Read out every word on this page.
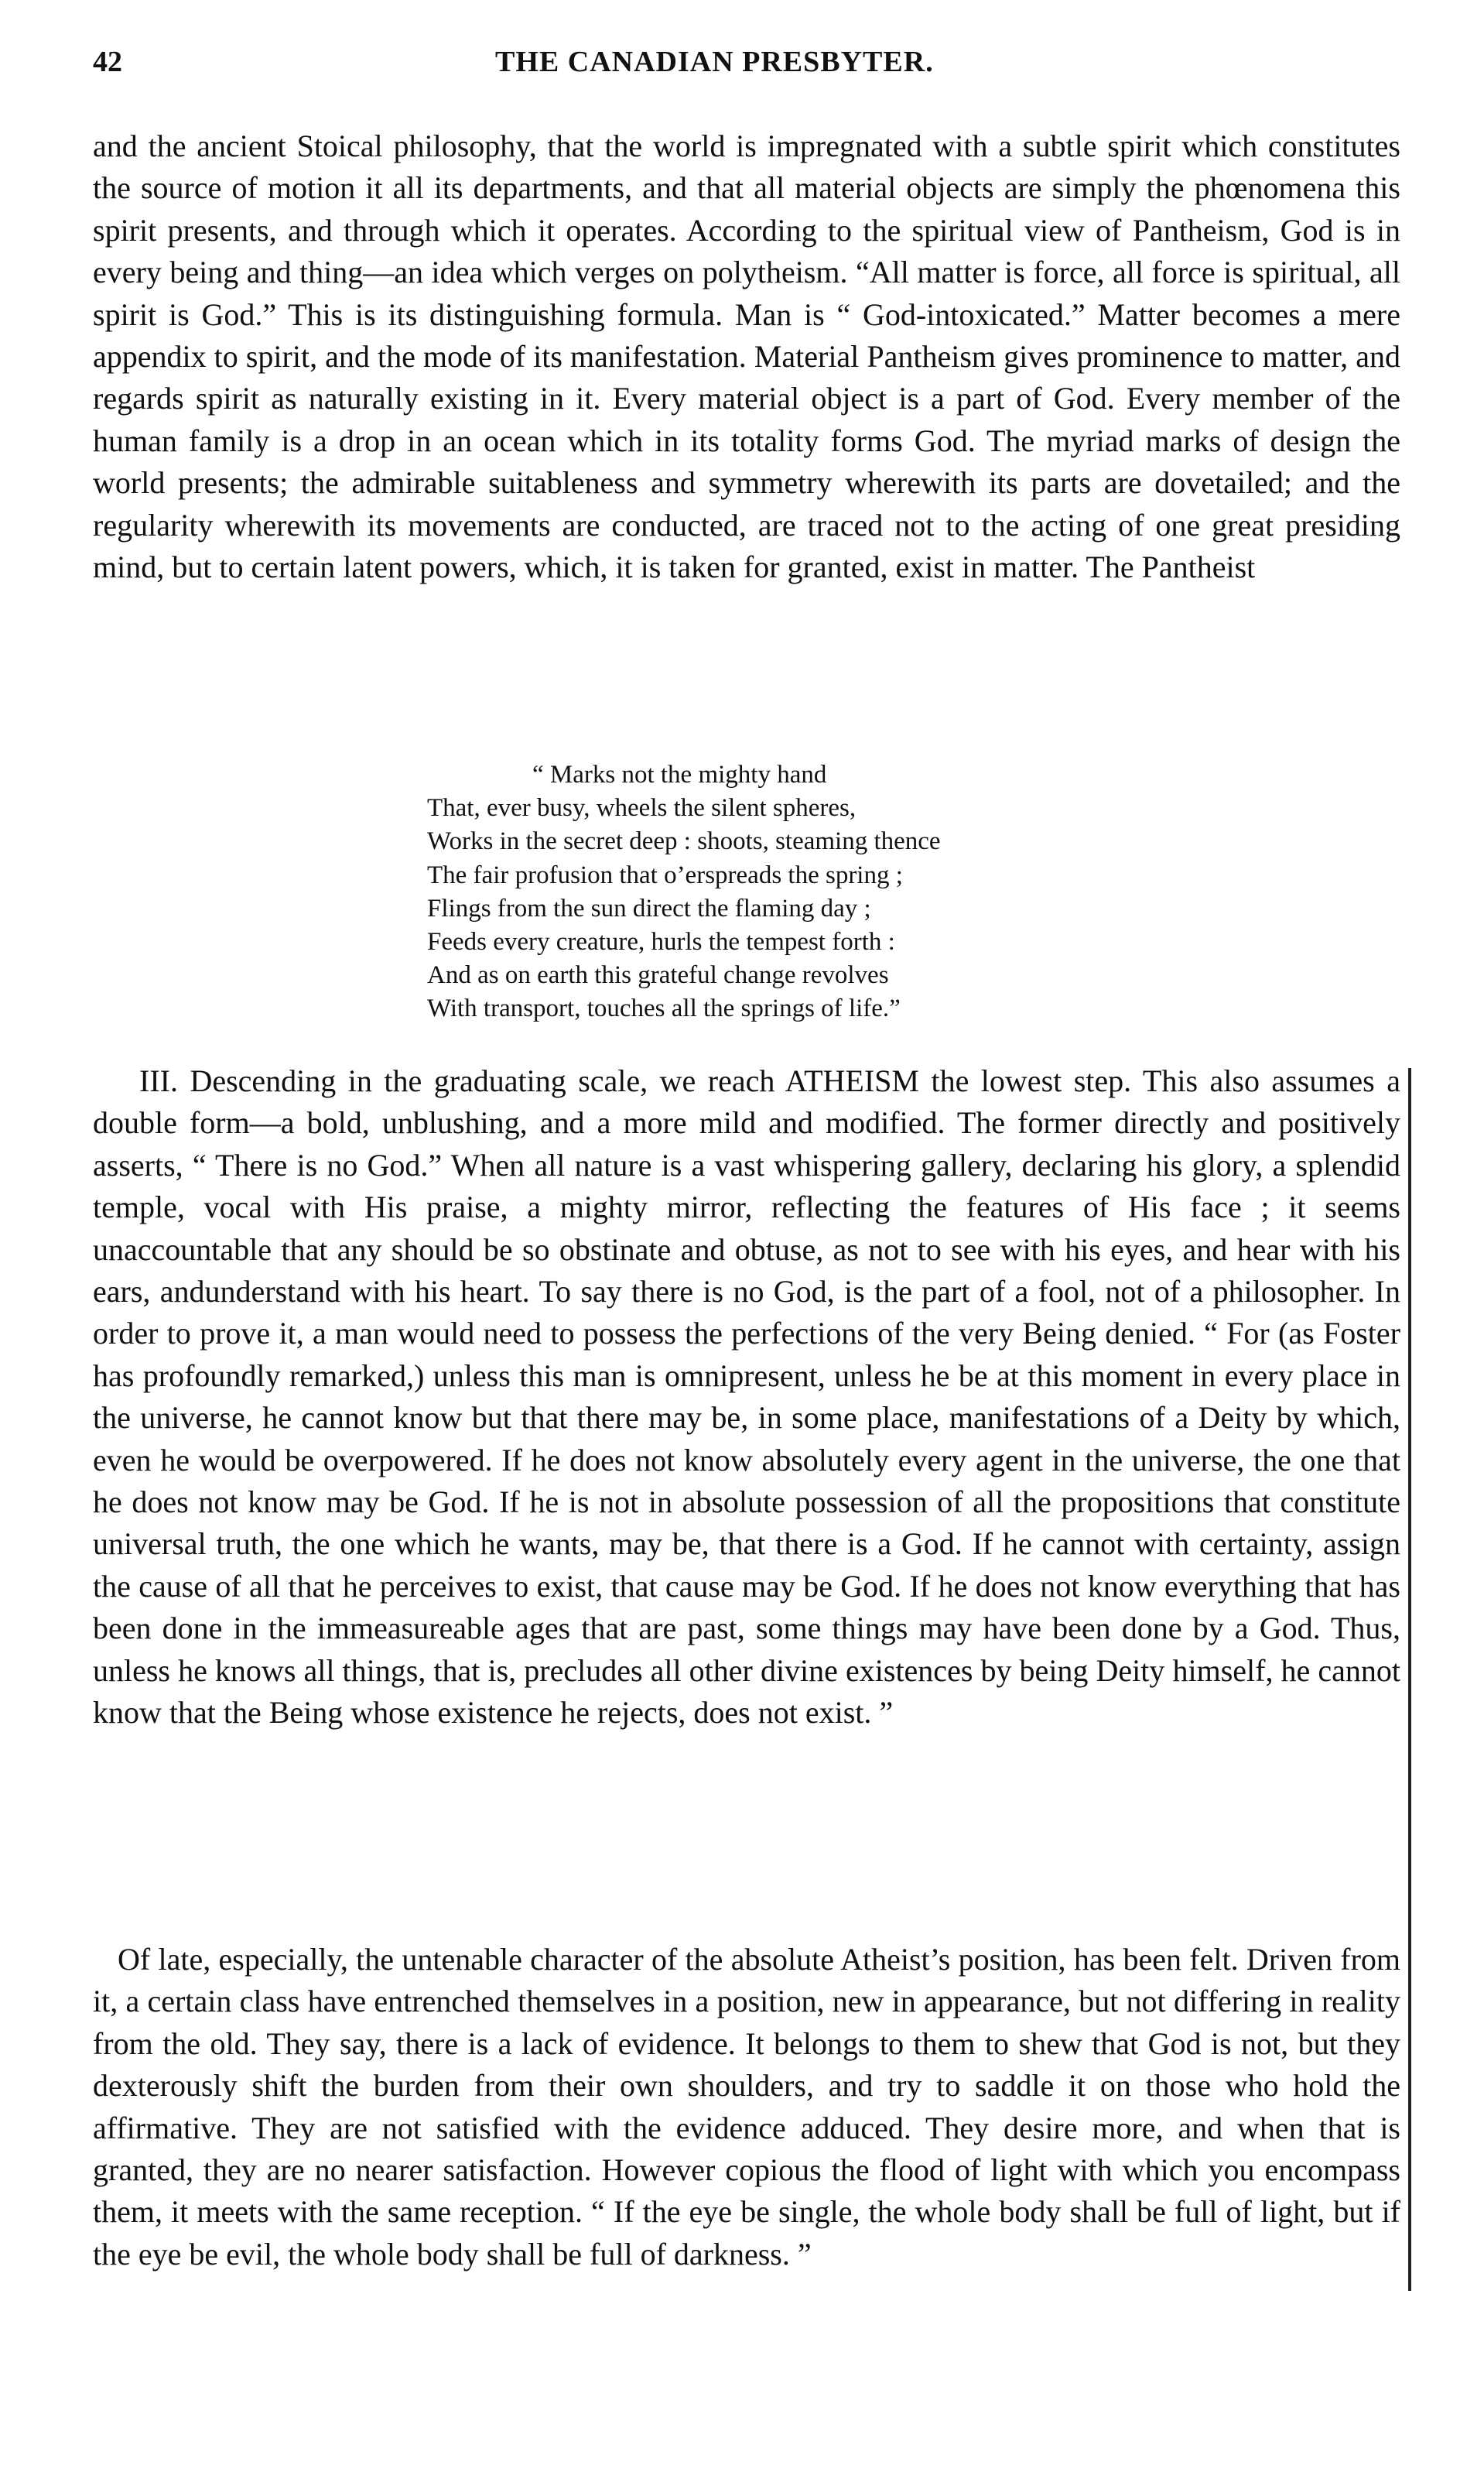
42	THE CANADIAN PRESBYTER.

and the ancient Stoical philosophy, that the world is impregnated with a subtle spirit which constitutes the source of motion it all its departments, and that all material objects are simply the phœnomena this spirit presents, and through which it operates. According to the spiritual view of Pantheism, God is in every being and thing—an idea which verges on polytheism. “All matter is force, all force is spiritual, all spirit is God.” This is its distinguishing formula. Man is “ God-intoxicated.” Matter becomes a mere appendix to spirit, and the mode of its manifestation. Material Pantheism gives prominence to matter, and regards spirit as naturally existing in it. Every material object is a part of God. Every member of the human family is a drop in an ocean which in its totality forms God. The myriad marks of design the world presents; the admirable suitableness and symmetry wherewith its parts are dovetailed; and the regularity wherewith its movements are conducted, are traced not to the acting of one great presiding mind, but to certain latent powers, which, it is taken for granted, exist in matter. The Pantheist

“ Marks not the mighty hand
That, ever busy, wheels the silent spheres,
Works in the secret deep : shoots, steaming thence
The fair profusion that o’erspreads the spring ;
Flings from the sun direct the flaming day ;
Feeds every creature, hurls the tempest forth :
And as on earth this grateful change revolves
With transport, touches all the springs of life.”

III. Descending in the graduating scale, we reach ATHEISM the lowest step. This also assumes a double form—a bold, unblushing, and a more mild and modified. The former directly and positively asserts, “ There is no God.” When all nature is a vast whispering gallery, declaring his glory, a splendid temple, vocal with His praise, a mighty mirror, reflecting the features of His face ; it seems unaccountable that any should be so obstinate and obtuse, as not to see with his eyes, and hear with his ears, andunderstand with his heart. To say there is no God, is the part of a fool, not of a philosopher. In order to prove it, a man would need to possess the perfections of the very Being denied. “ For (as Foster has profoundly remarked,) unless this man is omnipresent, unless he be at this moment in every place in the universe, he cannot know but that there may be, in some place, manifestations of a Deity by which, even he would be overpowered. If he does not know absolutely every agent in the universe, the one that he does not know may be God. If he is not in absolute possession of all the propositions that constitute universal truth, the one which he wants, may be, that there is a God. If he cannot with certainty, assign the cause of all that he perceives to exist, that cause may be God. If he does not know everything that has been done in the immeasureable ages that are past, some things may have been done by a God. Thus, unless he knows all things, that is, precludes all other divine existences by being Deity himself, he cannot know that the Being whose existence he rejects, does not exist. ”

Of late, especially, the untenable character of the absolute Atheist’s position, has been felt. Driven from it, a certain class have entrenched themselves in a position, new in appearance, but not differing in reality from the old. They say, there is a lack of evidence. It belongs to them to shew that God is not, but they dexterously shift the burden from their own shoulders, and try to saddle it on those who hold the affirmative. They are not satisfied with the evidence adduced. They desire more, and when that is granted, they are no nearer satisfaction. However copious the flood of light with which you encompass them, it meets with the same reception. “ If the eye be single, the whole body shall be full of light, but if the eye be evil, the whole body shall be full of darkness. ”
